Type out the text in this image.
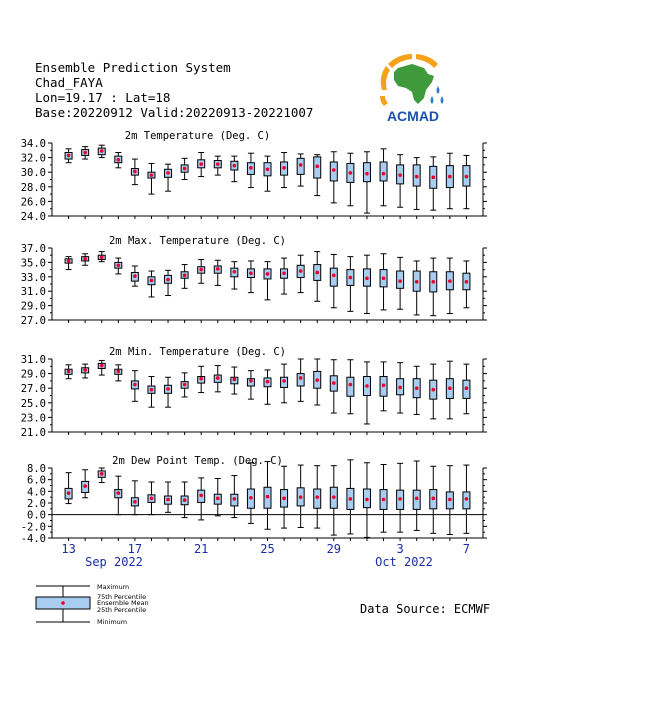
Ensemble Prediction System
Chad_FAYA
Lon=19.17 : Lat=18
Base:20220912 Valid:20220913-20221007	ACMAD
2m Temperature (Deg. C)
24.0
26.0
28.0
30.0
32.0
34.0
2m Max. Temperature (Deg. C)
27.0
29.0
31.0
33.0
35.0
37.0
2m Min. Temperature (Deg. C)
21.0
23.0
25.0
27.0
29.0
31.0
2m Dew Point Temp. (Deg. C)
-4.0
-2.0
0.0
2.0
4.0
6.0
8.0
13	17	21	25	29	3	7
Sep 2022	Oct 2022
Maximum
75th Percentile
Ensemble Mean
25th Percentile
Minimum
Data Source: ECMWF
